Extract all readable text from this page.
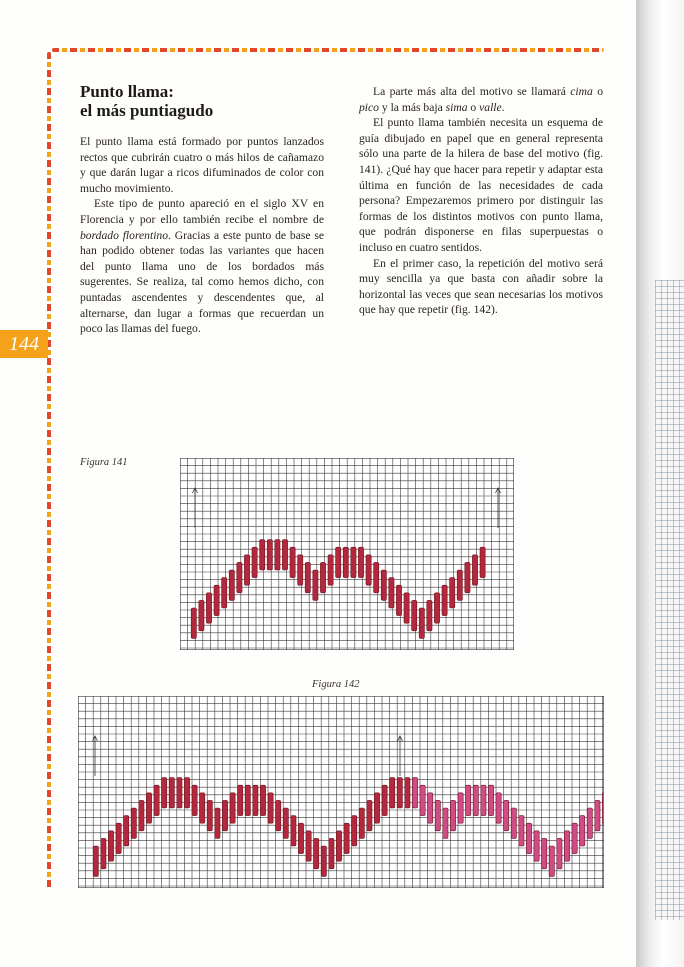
144
Punto llama:
el más puntiagudo

El punto llama está formado por puntos lanzados rectos que cubrirán cuatro o más hilos de cañamazo y que darán lugar a ricos difuminados de color con mucho movimiento.

Este tipo de punto apareció en el siglo XV en Florencia y por ello también recibe el nombre de bordado florentino. Gracias a este punto de base se han podido obtener todas las variantes que hacen del punto llama uno de los bordados más sugerentes. Se realiza, tal como hemos dicho, con puntadas ascendentes y descendentes que, al alternarse, dan lugar a formas que recuerdan un poco las llamas del fuego.

La parte más alta del motivo se llamará cima o pico y la más baja sima o valle.

El punto llama también necesita un esquema de guía dibujado en papel que en general representa sólo una parte de la hilera de base del motivo (fig. 141). ¿Qué hay que hacer para repetir y adaptar esta última en función de las necesidades de cada persona? Empezaremos primero por distinguir las formas de los distintos motivos con punto llama, que podrán disponerse en filas superpuestas o incluso en cuatro sentidos.

En el primer caso, la repetición del motivo será muy sencilla ya que basta con añadir sobre la horizontal las veces que sean necesarias los motivos que hay que repetir (fig. 142).

Figura 141
Figura 142
